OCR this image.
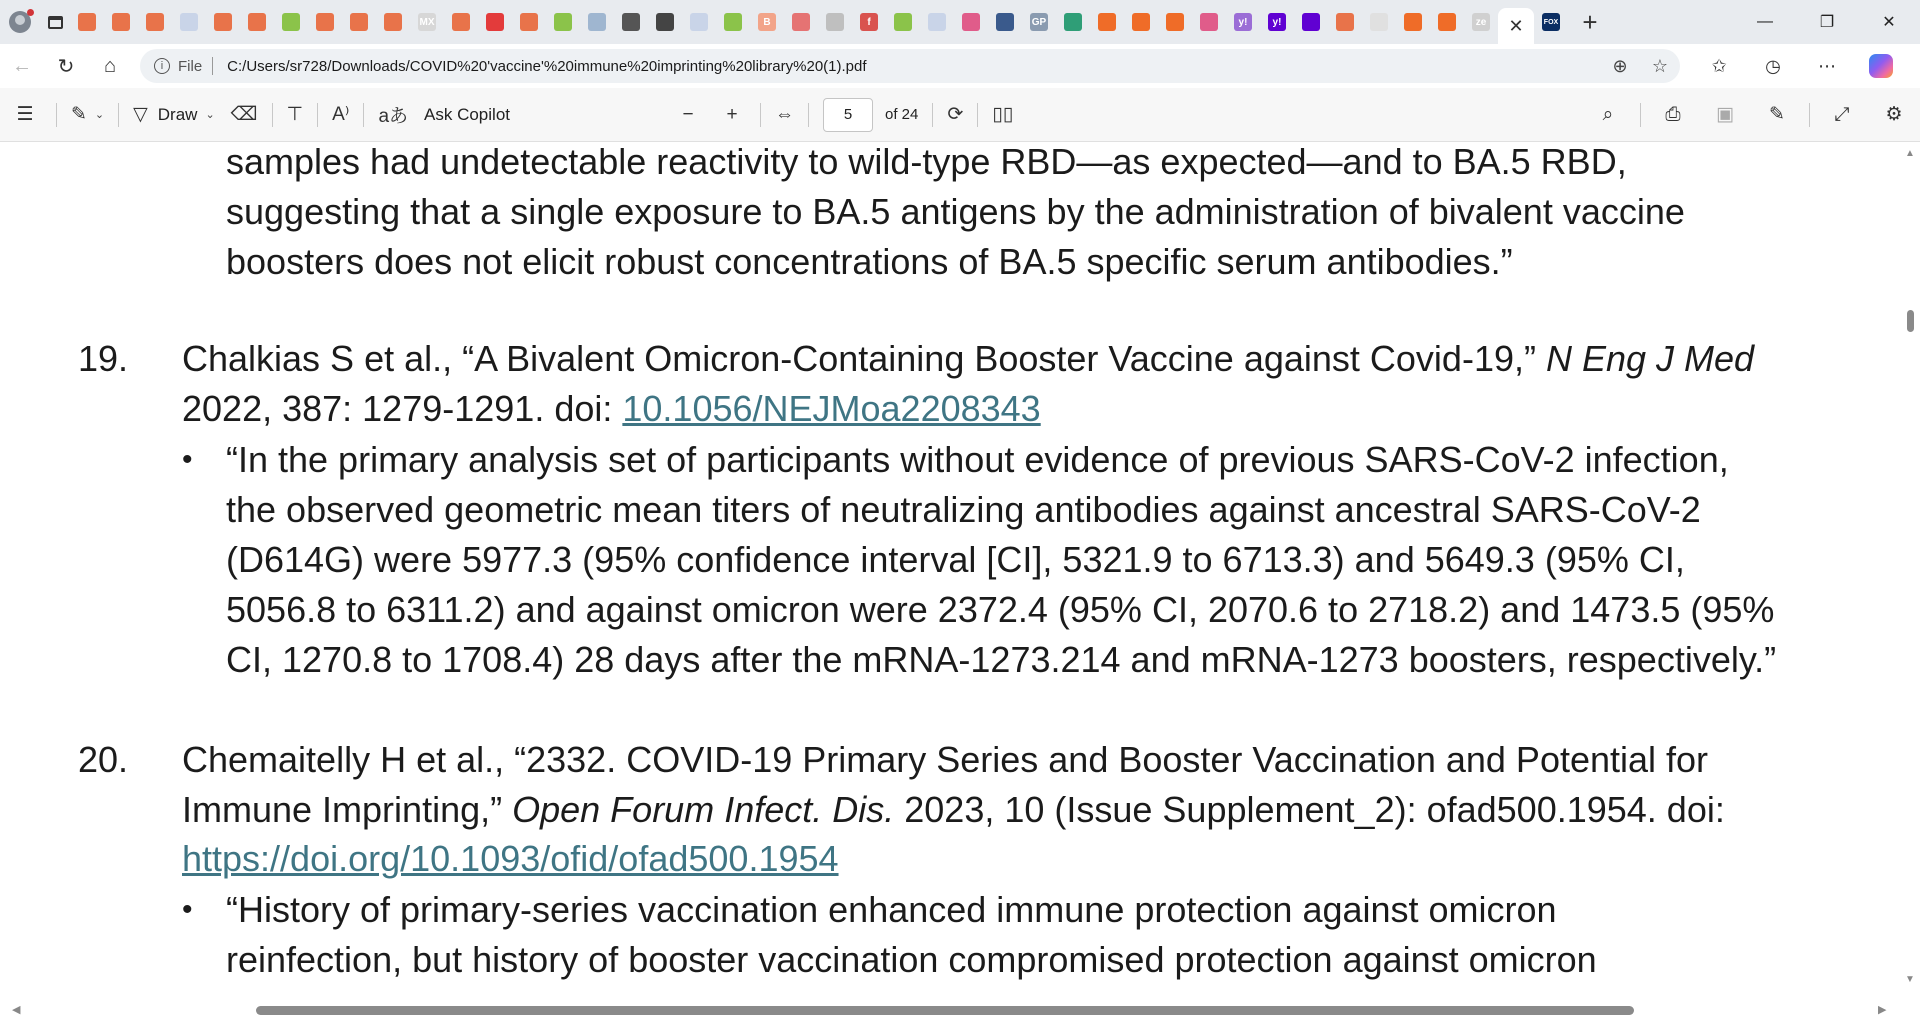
MX	B	f	GP	y!	y!	ze ✕	FOX +	—	❐	✕
← ↻ ⌂	i File C:/Users/sr728/Downloads/COVID%20'vaccine'%20immune%20imprinting%20library%20(1).pdf	⊕	☆	✩ ◷ ⋯
☰ ✎ ⌄ ▽ Draw ⌄ ⌫ ⊤ A⁾ aあ Ask Copilot	− + ⇔	5	of 24 ⟳ ▯▯	⌕	⎙ ▣ ✎	⤢ ⚙
samples had undetectable reactivity to wild-type RBD—as expected—and to BA.5 RBD,
suggesting that a single exposure to BA.5 antigens by the administration of bivalent vaccine
boosters does not elicit robust concentrations of BA.5 specific serum antibodies.”
19. Chalkias S et al., “A Bivalent Omicron-Containing Booster Vaccine against Covid-19,” N Eng J Med
2022, 387: 1279-1291. doi: 10.1056/NEJMoa2208343
• “In the primary analysis set of participants without evidence of previous SARS-CoV-2 infection,
the observed geometric mean titers of neutralizing antibodies against ancestral SARS-CoV-2
(D614G) were 5977.3 (95% confidence interval [CI], 5321.9 to 6713.3) and 5649.3 (95% CI,
5056.8 to 6311.2) and against omicron were 2372.4 (95% CI, 2070.6 to 2718.2) and 1473.5 (95%
CI, 1270.8 to 1708.4) 28 days after the mRNA-1273.214 and mRNA-1273 boosters, respectively.”
20. Chemaitelly H et al., “2332. COVID-19 Primary Series and Booster Vaccination and Potential for
Immune Imprinting,” Open Forum Infect. Dis. 2023, 10 (Issue Supplement_2): ofad500.1954. doi:
https://doi.org/10.1093/ofid/ofad500.1954
• “History of primary-series vaccination enhanced immune protection against omicron
reinfection, but history of booster vaccination compromised protection against omicron
▲
▼
◀	▶
